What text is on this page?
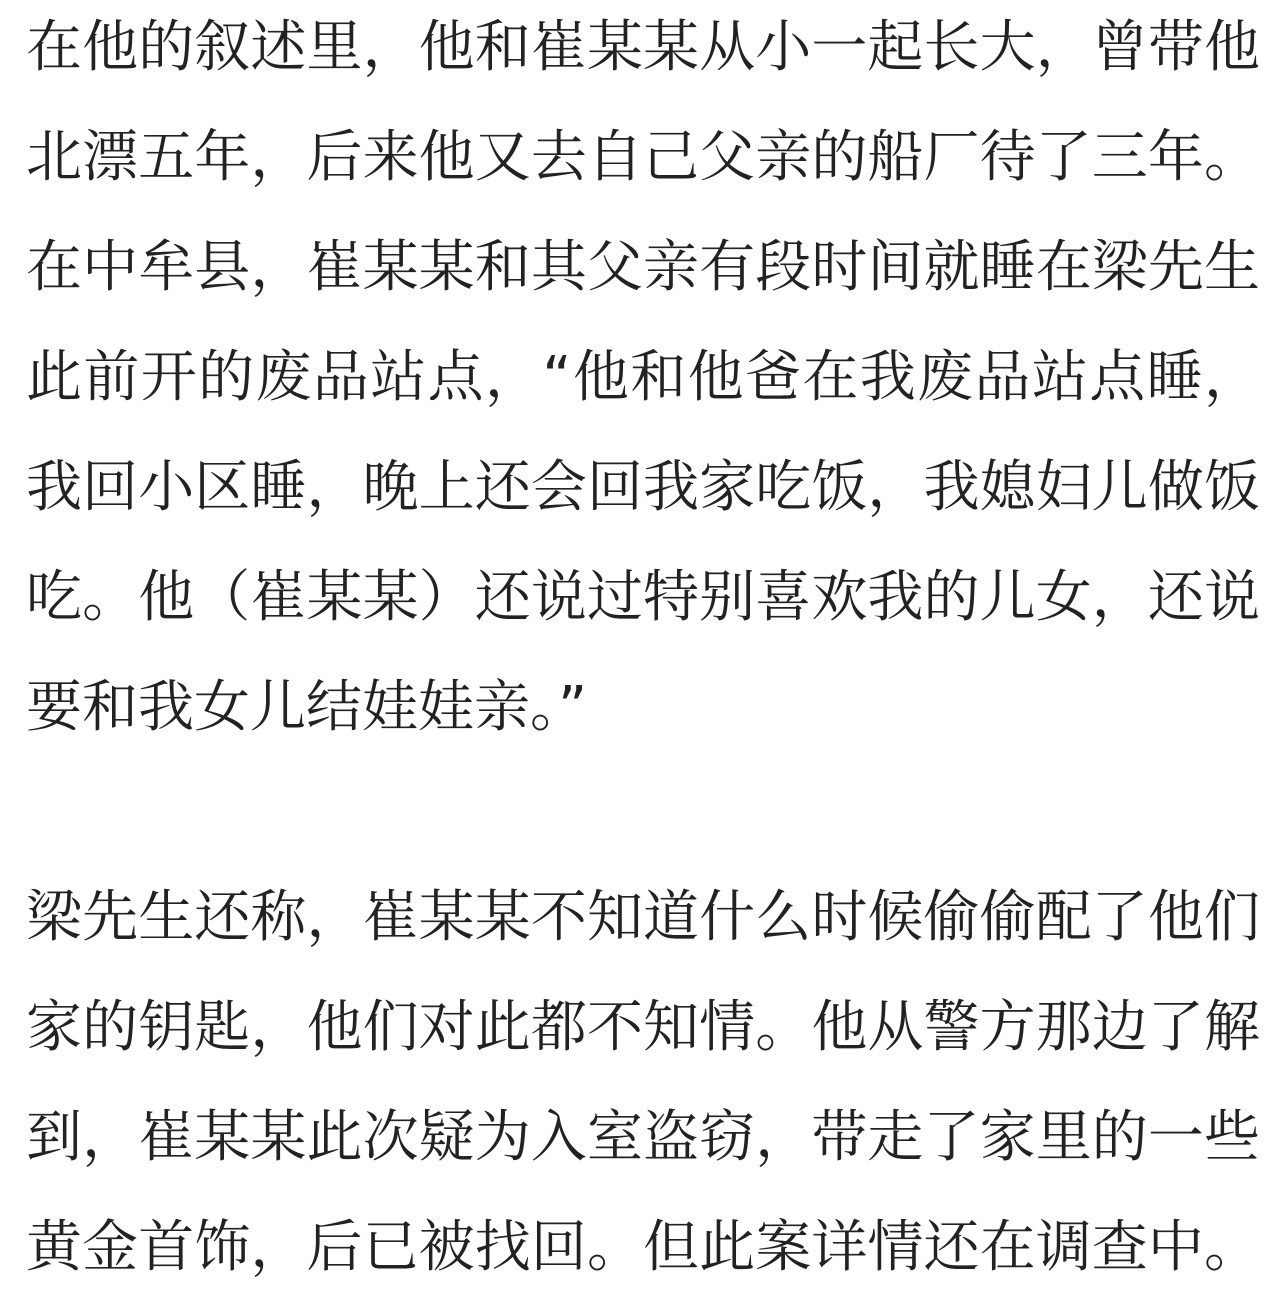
在他的叙述里，他和崔某某从小一起长大，曾带他
北漂五年，后来他又去自己父亲的船厂待了三年。
在中牟县，崔某某和其父亲有段时间就睡在梁先生
此前开的废品站点，“他和他爸在我废品站点睡，
我回小区睡，晚上还会回我家吃饭，我媳妇儿做饭
吃。他（崔某某）还说过特别喜欢我的儿女，还说
要和我女儿结娃娃亲。”
梁先生还称，崔某某不知道什么时候偷偷配了他们
家的钥匙，他们对此都不知情。他从警方那边了解
到，崔某某此次疑为入室盗窃，带走了家里的一些
黄金首饰，后已被找回。但此案详情还在调查中。
